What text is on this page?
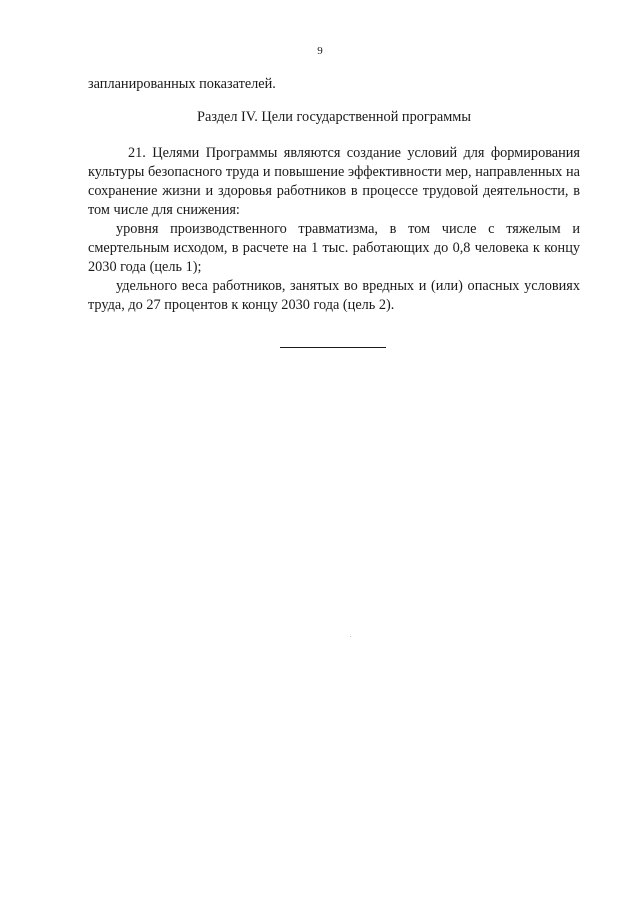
9
запланированных показателей.
Раздел IV. Цели государственной программы

21. Целями Программы являются создание условий для формирования культуры безопасного труда и повышение эффективности мер, направленных на сохранение жизни и здоровья работников в процессе трудовой деятельности, в том числе для снижения:

уровня производственного травматизма, в том числе с тяжелым и смертельным исходом, в расчете на 1 тыс. работающих до 0,8 человека к концу 2030 года (цель 1);

удельного веса работников, занятых во вредных и (или) опасных условиях труда, до 27 процентов к концу 2030 года (цель 2).
